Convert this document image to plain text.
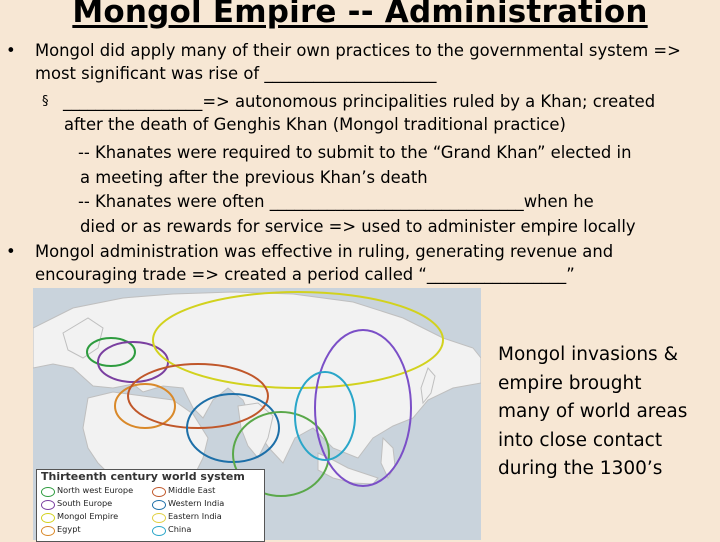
Mongol Empire -- Administration
• Mongol did apply many of their own practices to the governmental system =>
most significant was rise of _____________________
§ _________________=> autonomous principalities ruled by a Khan; created
after the death of Genghis Khan (Mongol traditional practice)
-- Khanates were required to submit to the “Grand Khan” elected in
a meeting after the previous Khan’s death
-- Khanates were often _______________________________when he
died or as rewards for service => used to administer empire locally
• Mongol administration was effective in ruling, generating revenue and
encouraging trade => created a period called “_________________”
Thirteenth century world system
North west Europe
South Europe
Mongol Empire
Egypt
Middle East
Western India
Eastern India
China
Mongol invasions &
empire brought
many of world areas
into close contact
during the 1300’s
